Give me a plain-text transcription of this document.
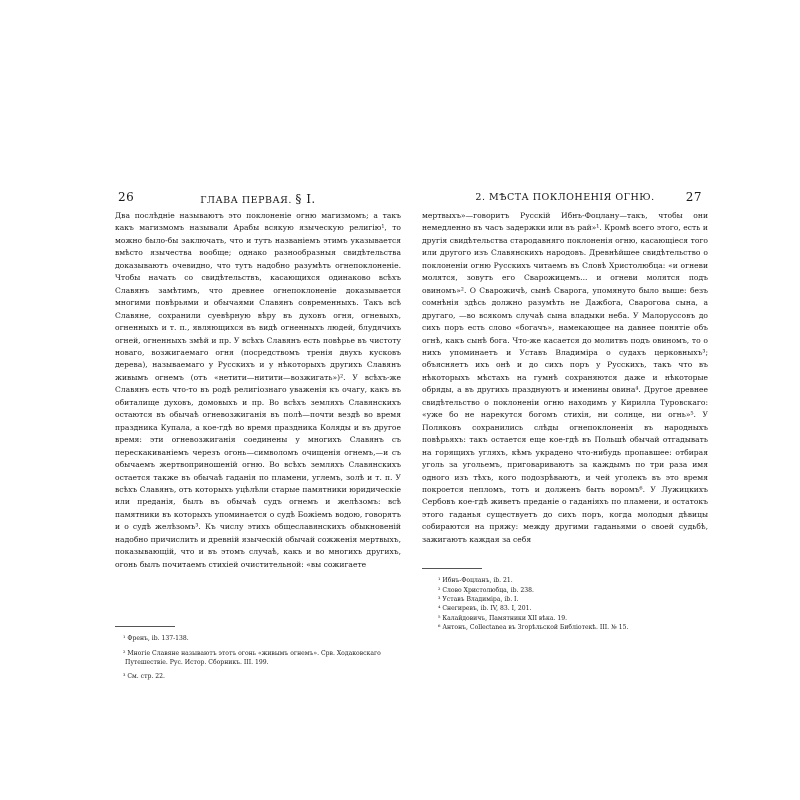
26	ГЛАВА ПЕРВАЯ. § I.
Два послѣдніе называютъ это поклоненіе огню магизмомъ; а такъ какъ магизмомъ называли Арабы всякую языческую религію¹, то можно было-бы заключать, что и тутъ названіемъ этимъ указывается вмѣсто язычества вообще; однако разнообразныя свидѣтельства доказываютъ очевидно, что тутъ надобно разумѣть огнепоклоненіе. Чтобы начать со свидѣтельствъ, касающихся одинаково всѣхъ Славянъ замѣтимъ, что древнее огнепоклоненіе доказывается многими повѣрьями и обычаями Славянъ современныхъ. Такъ всѣ Славяне, сохранили суевѣрную вѣру въ духовъ огня, огневыхъ, огненныхъ и т. п., являющихся въ видѣ огненныхъ людей, блудячихъ огней, огненныхъ змѣй и пр. У всѣхъ Славянъ есть повѣрье въ чистоту новаго, возжигаемаго огня (посредствомъ тренія двухъ кусковъ дерева), называемаго у Русскихъ и у нѣкоторыхъ другихъ Славянъ живымъ огнемъ (отъ «нетити—нитити—возжигать»)². У всѣхъ-же Славянъ есть что-то въ родѣ религіознаго уваженія къ очагу, какъ въ обиталище духовъ, домовыхъ и пр. Во всѣхъ земляхъ Славянскихъ остаются въ обычаѣ огневозжиганія въ полѣ—почти вездѣ во время праздника Купала, а кое-гдѣ во время праздника Коляды и въ другое время: эти огневозжиганія соединены у многихъ Славянъ съ перескакиваніемъ черезъ огонь—символомъ очищенія огнемъ,—и съ обычаемъ жертвоприношеній огню. Во всѣхъ земляхъ Славянскихъ остается также въ обычаѣ гаданія по пламени, углемъ, золѣ и т. п. У всѣхъ Славянъ, отъ которыхъ уцѣлѣли старые памятники юридическіе или преданія, былъ въ обычаѣ судъ огнемъ и желѣзомъ: всѣ памятники въ которыхъ упоминается о судѣ Божіемъ водою, говорятъ и о судѣ желѣзомъ³. Къ числу этихъ общеславянскихъ обыкновеній надобно причислить и древній языческій обычай сожженія мертвыхъ, показывающій, что и въ этомъ случаѣ, какъ и во многихъ другихъ, огонь былъ почитаемъ стихіей очистительной: «вы сожигаете
¹ Френъ, ib. 137-138.
² Многіе Славяне называютъ этотъ огонь «живымъ огнемъ». Срв. Ходаковскаго Путешествіе. Рус. Истор. Сборникъ. III. 199.
³ См. стр. 22.
2. МѢСТА ПОКЛОНЕНІЯ ОГНЮ.	27
мертвыхъ»—говоритъ Русскій Ибнъ-Фоцлану—такъ, чтобы они немедленно въ часъ задержки или въ рай»¹. Кромѣ всего этого, есть и другія свидѣтельства стародавняго поклоненія огню, касающіеся того или другого изъ Славянскихъ народовъ. Древнѣйшее свидѣтельство о поклоненіи огню Русскихъ читаемъ въ Словѣ Христолюбца: «и огневи молятся, зовутъ его Сварожицемъ... и огневи молятся подъ овиномъ»². О Сварожичѣ, сынѣ Сварога, упомянуто было выше: безъ сомнѣнія здѣсь должно разумѣть не Дажбога, Сварогова сына, а другаго, —во всякомъ случаѣ сына владыки неба. У Малоруссовъ до сихъ поръ есть слово «богачъ», намекающее на давнее понятіе объ огнѣ, какъ сынѣ бога. Что-же касается до молитвъ подъ овиномъ, то о нихъ упоминаетъ и Уставъ Владиміра о судахъ церковныхъ³; объясняетъ ихъ онѣ и до сихъ поръ у Русскихъ, такъ что въ нѣкоторыхъ мѣстахъ на гумнѣ сохраняются даже и нѣкоторые обряды, а въ другихъ празднуютъ и именины овина⁴. Другое древнее свидѣтельство о поклоненіи огню находимъ у Кирилла Туровскаго: «уже бо не нарекутся богомъ стихія, ни солнце, ни огнь»⁵. У Поляковъ сохранились слѣды огнепоклоненія въ народныхъ повѣрьяхъ: такъ остается еще кое-гдѣ въ Польшѣ обычай отгадывать на горящихъ угляхъ, кѣмъ украдено что-нибудь пропавшее: отбирая уголь за угольемъ, приговариваютъ за каждымъ по три раза имя одного изъ тѣхъ, кого подозрѣваютъ, и чей уголекъ въ это время покроется пепломъ, тотъ и долженъ быть воромъ⁶. У Лужицкихъ Сербовъ кое-гдѣ живетъ преданіе о гаданіяхъ по пламени, и остатокъ этого гаданья существуетъ до сихъ поръ, когда молодыя дѣвицы собираются на пряжу: между другими гаданьями о своей судьбѣ, зажигаютъ каждая за себя
¹ Ибнъ-Фоцланъ, ib. 21.
² Слово Христолюбца, ib. 238.
³ Уставъ Владиміра, ib. I.
⁴ Снегиревъ, ib. IV, 83. I, 201.
⁵ Калайдовичъ, Памятники XII вѣка. 19.
⁶ Антонъ, Collectanea въ Згорѣльской Библіотекѣ. III. № 15.
